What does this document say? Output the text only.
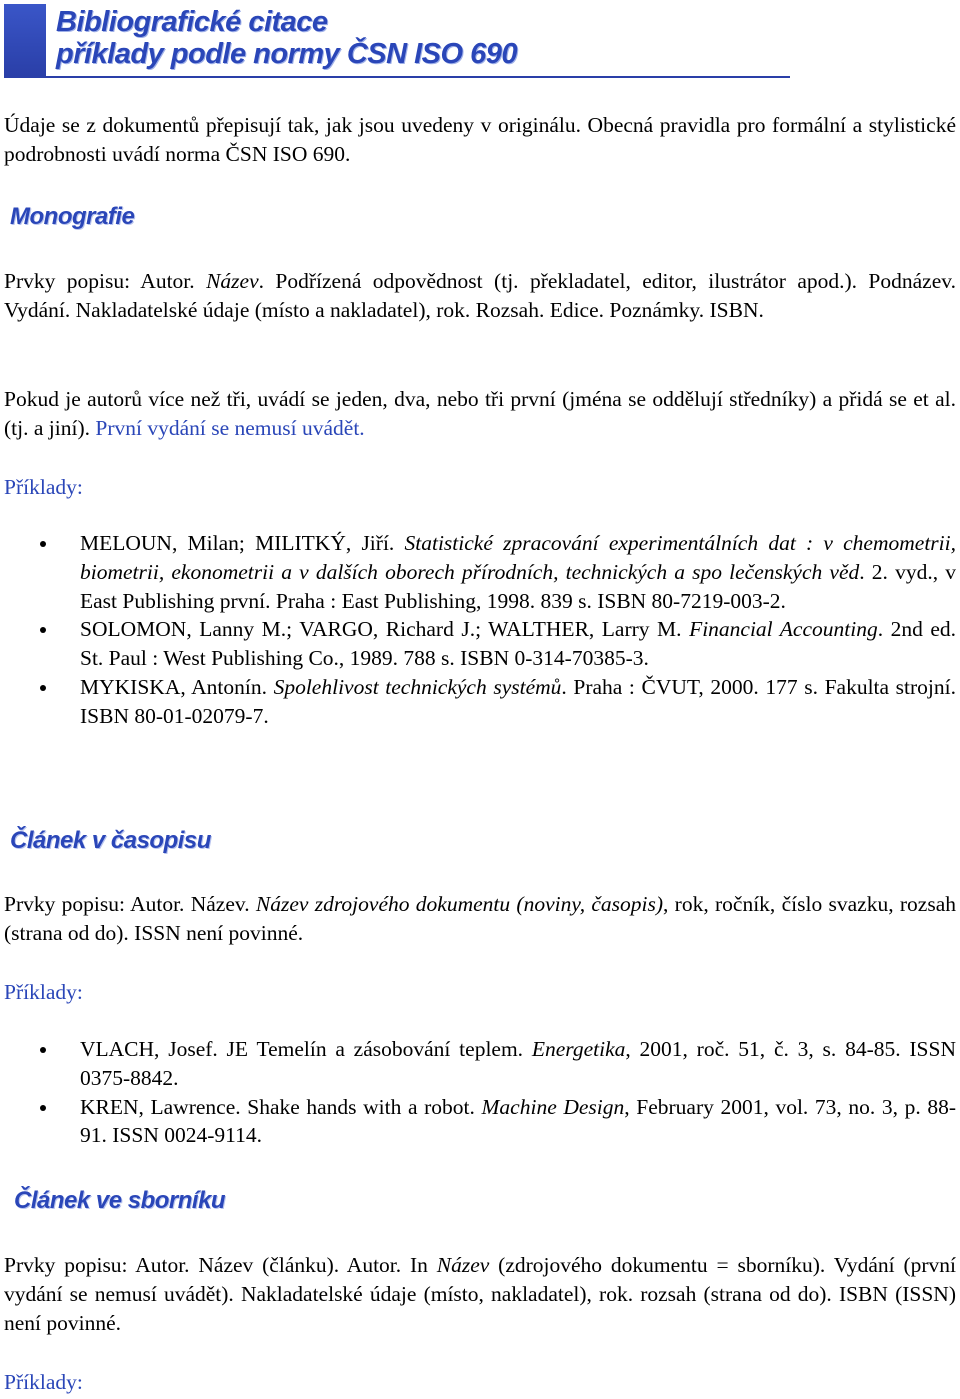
Bibliografické citace
příklady podle normy ČSN ISO 690
Údaje se z dokumentů přepisují tak, jak jsou uvedeny v originálu. Obecná pravidla pro formální a stylistické podrobnosti uvádí norma ČSN ISO 690.
Monografie
Prvky popisu: Autor. Název. Podřízená odpovědnost (tj. překladatel, editor, ilustrátor apod.). Podnázev. Vydání. Nakladatelské údaje (místo a nakladatel), rok. Rozsah. Edice. Poznámky. ISBN.
Pokud je autorů více než tři, uvádí se jeden, dva, nebo tři první (jména se oddělují středníky) a přidá se et al. (tj. a jiní). První vydání se nemusí uvádět.
Příklady:
MELOUN, Milan; MILITKÝ, Jiří. Statistické zpracování experimentálních dat : v chemometrii, biometrii, ekonometrii a v dalších oborech přírodních, technických a spo lečenských věd. 2. vyd., v East Publishing první. Praha : East Publishing, 1998. 839 s. ISBN 80-7219-003-2.
SOLOMON, Lanny M.; VARGO, Richard J.; WALTHER, Larry M. Financial Accounting. 2nd ed. St. Paul : West Publishing Co., 1989. 788 s. ISBN 0-314-70385-3.
MYKISKA, Antonín. Spolehlivost technických systémů. Praha : ČVUT, 2000. 177 s. Fakulta strojní. ISBN 80-01-02079-7.
Článek v časopisu
Prvky popisu: Autor. Název. Název zdrojového dokumentu (noviny, časopis), rok, ročník, číslo svazku, rozsah (strana od do). ISSN není povinné.
Příklady:
VLACH, Josef. JE Temelín a zásobování teplem. Energetika, 2001, roč. 51, č. 3, s. 84-85. ISSN 0375-8842.
KREN, Lawrence. Shake hands with a robot. Machine Design, February 2001, vol. 73, no. 3, p. 88-91. ISSN 0024-9114.
Článek ve sborníku
Prvky popisu: Autor. Název (článku). Autor. In Název (zdrojového dokumentu = sborníku). Vydání (první vydání se nemusí uvádět). Nakladatelské údaje (místo, nakladatel), rok. rozsah (strana od do). ISBN (ISSN) není povinné.
Příklady:
